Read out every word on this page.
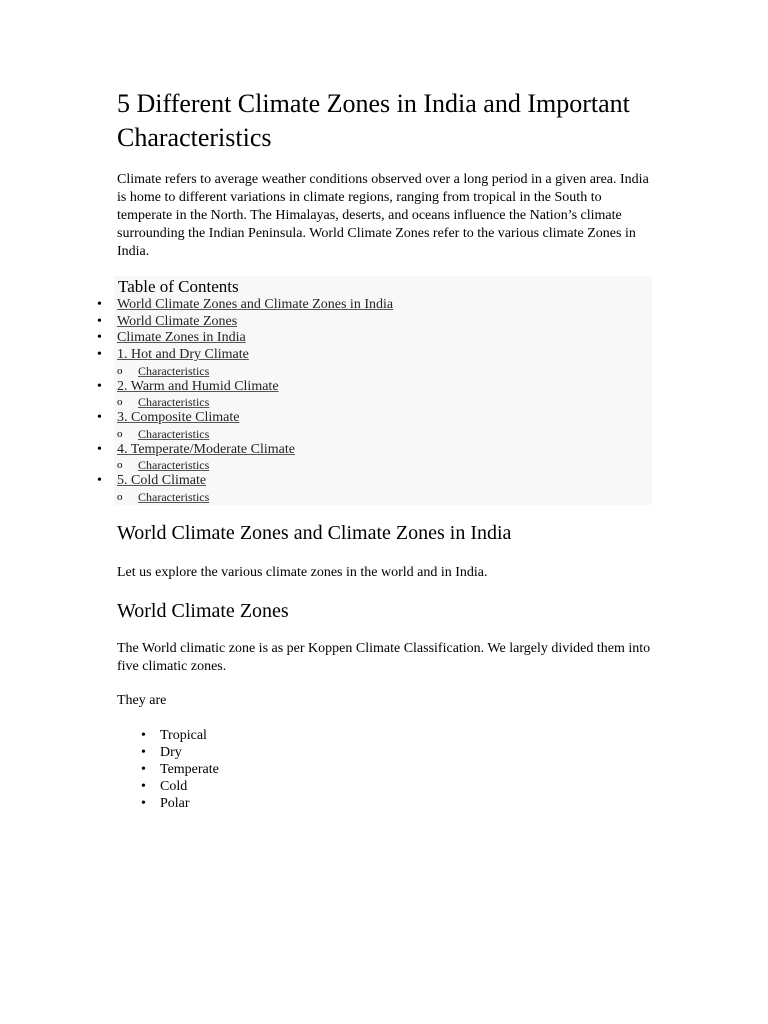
5 Different Climate Zones in India and Important Characteristics

Climate refers to average weather conditions observed over a long period in a given area. India is home to different variations in climate regions, ranging from tropical in the South to temperate in the North. The Himalayas, deserts, and oceans influence the Nation’s climate surrounding the Indian Peninsula. World Climate Zones refer to the various climate Zones in India.

Table of Contents
• World Climate Zones and Climate Zones in India
• World Climate Zones
• Climate Zones in India
• 1. Hot and Dry Climate
o Characteristics
• 2. Warm and Humid Climate
o Characteristics
• 3. Composite Climate
o Characteristics
• 4. Temperate/Moderate Climate
o Characteristics
• 5. Cold Climate
o Characteristics
World Climate Zones and Climate Zones in India

Let us explore the various climate zones in the world and in India.

World Climate Zones

The World climatic zone is as per Koppen Climate Classification. We largely divided them into five climatic zones.

They are

• Tropical
• Dry
• Temperate
• Cold
• Polar
